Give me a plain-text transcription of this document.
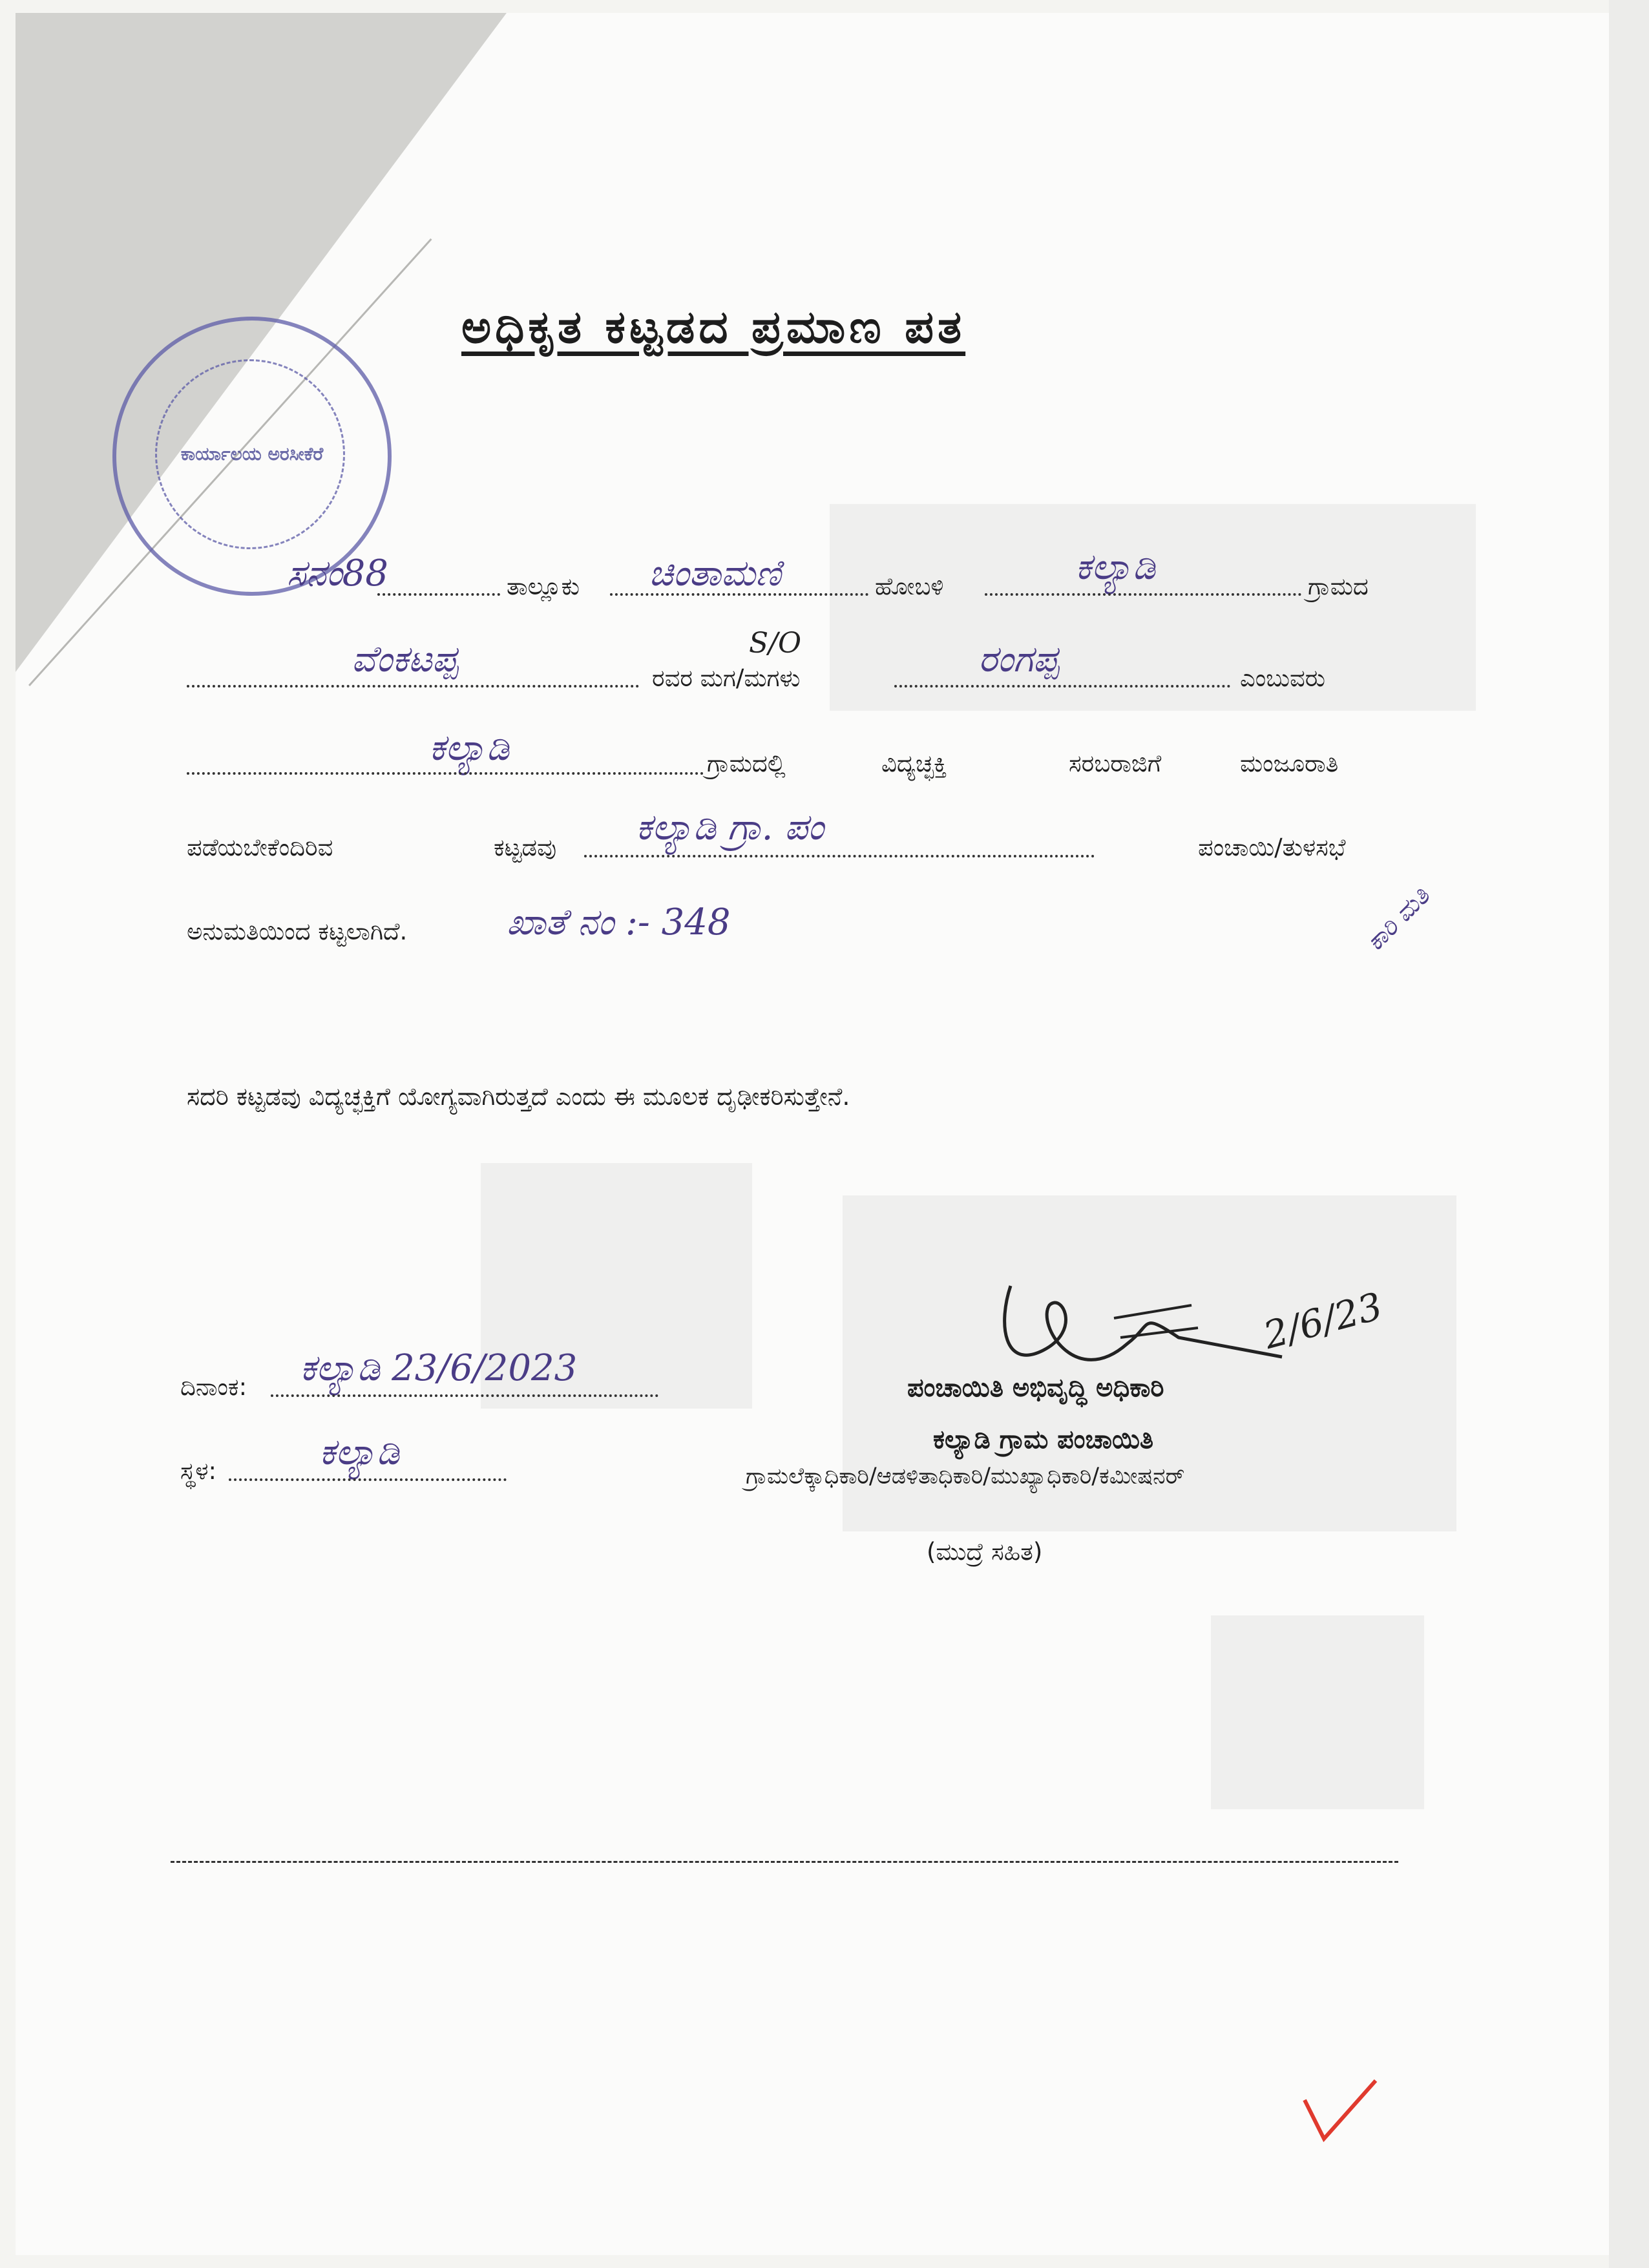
ಕಾರ್ಯಾಲಯ ಅರಸೀಕೆರೆ
ಅಧಿಕೃತ ಕಟ್ಟಡದ ಪ್ರಮಾಣ ಪತ
ಸನಂ88	ತಾಲ್ಲೂಕು ಚಿಂತಾಮಣಿ	ಹೋಬಳಿ	ಕಲ್ಯಾಡಿ	ಗ್ರಾಮದ
ವೆಂಕಟಪ್ಪ	ರವರ ಮಗ/ಮಗಳು
S/O	ರಂಗಪ್ಪ	ಎಂಬುವರು
ಕಲ್ಯಾಡಿ	ಗ್ರಾಮದಲ್ಲಿ	ವಿದ್ಯಚ್ಛಕ್ತಿ	ಸರಬರಾಜಿಗೆ	ಮಂಜೂರಾತಿ
ಪಡೆಯಬೇಕೆಂದಿರಿವ	ಕಟ್ಟಡವು ಕಲ್ಯಾಡಿ ಗ್ರಾ. ಪಂ	ಪಂಚಾಯಿ/ತುಳಸಭೆ
ಅನುಮತಿಯಿಂದ ಕಟ್ಟಲಾಗಿದೆ.	ಖಾತೆ ನಂ :- 348	ಕಾರಿ ಮತಿ
ಸದರಿ ಕಟ್ಟಡವು ವಿದ್ಯಚ್ಛಕ್ತಿಗೆ ಯೋಗ್ಯವಾಗಿರುತ್ತದೆ ಎಂದು ಈ ಮೂಲಕ ದೃಢೀಕರಿಸುತ್ತೇನೆ.
ದಿನಾಂಕ: ಕಲ್ಯಾಡಿ 23/6/2023
ಸ್ಥಳ:	ಕಲ್ಯಾಡಿ
2/6/23
ಪಂಚಾಯಿತಿ ಅಭಿವೃದ್ಧಿ ಅಧಿಕಾರಿ
ಕಲ್ಯಾಡಿ ಗ್ರಾಮ ಪಂಚಾಯಿತಿ
ಗ್ರಾಮಲೆಕ್ಕಾಧಿಕಾರಿ/ಆಡಳಿತಾಧಿಕಾರಿ/ಮುಖ್ಯಾಧಿಕಾರಿ/ಕಮೀಷನರ್
(ಮುದ್ರೆ ಸಹಿತ)
